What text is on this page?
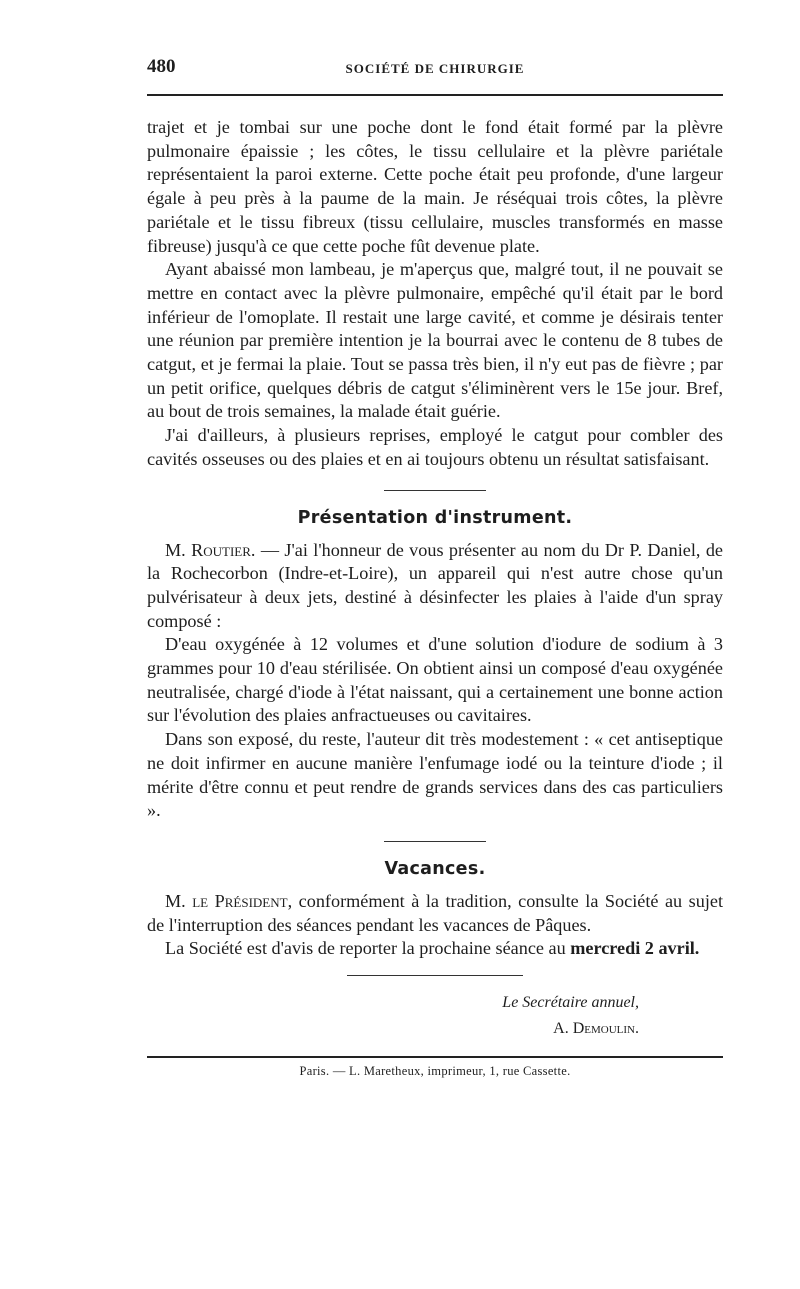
480	SOCIÉTÉ DE CHIRURGIE

trajet et je tombai sur une poche dont le fond était formé par la plèvre pulmonaire épaissie ; les côtes, le tissu cellulaire et la plèvre pariétale représentaient la paroi externe. Cette poche était peu profonde, d'une largeur égale à peu près à la paume de la main. Je réséquai trois côtes, la plèvre pariétale et le tissu fibreux (tissu cellulaire, muscles transformés en masse fibreuse) jusqu'à ce que cette poche fût devenue plate.

Ayant abaissé mon lambeau, je m'aperçus que, malgré tout, il ne pouvait se mettre en contact avec la plèvre pulmonaire, empêché qu'il était par le bord inférieur de l'omoplate. Il restait une large cavité, et comme je désirais tenter une réunion par première intention je la bourrai avec le contenu de 8 tubes de catgut, et je fermai la plaie. Tout se passa très bien, il n'y eut pas de fièvre ; par un petit orifice, quelques débris de catgut s'éliminèrent vers le 15e jour. Bref, au bout de trois semaines, la malade était guérie.

J'ai d'ailleurs, à plusieurs reprises, employé le catgut pour combler des cavités osseuses ou des plaies et en ai toujours obtenu un résultat satisfaisant.

Présentation d'instrument.

M. Routier. — J'ai l'honneur de vous présenter au nom du Dr P. Daniel, de la Rochecorbon (Indre-et-Loire), un appareil qui n'est autre chose qu'un pulvérisateur à deux jets, destiné à désinfecter les plaies à l'aide d'un spray composé :

D'eau oxygénée à 12 volumes et d'une solution d'iodure de sodium à 3 grammes pour 10 d'eau stérilisée. On obtient ainsi un composé d'eau oxygénée neutralisée, chargé d'iode à l'état naissant, qui a certainement une bonne action sur l'évolution des plaies anfractueuses ou cavitaires.

Dans son exposé, du reste, l'auteur dit très modestement : « cet antiseptique ne doit infirmer en aucune manière l'enfumage iodé ou la teinture d'iode ; il mérite d'être connu et peut rendre de grands services dans des cas particuliers ».

Vacances.

M. le Président, conformément à la tradition, consulte la Société au sujet de l'interruption des séances pendant les vacances de Pâques.

La Société est d'avis de reporter la prochaine séance au mercredi 2 avril.

Le Secrétaire annuel,
A. Demoulin.
Paris. — L. Maretheux, imprimeur, 1, rue Cassette.
